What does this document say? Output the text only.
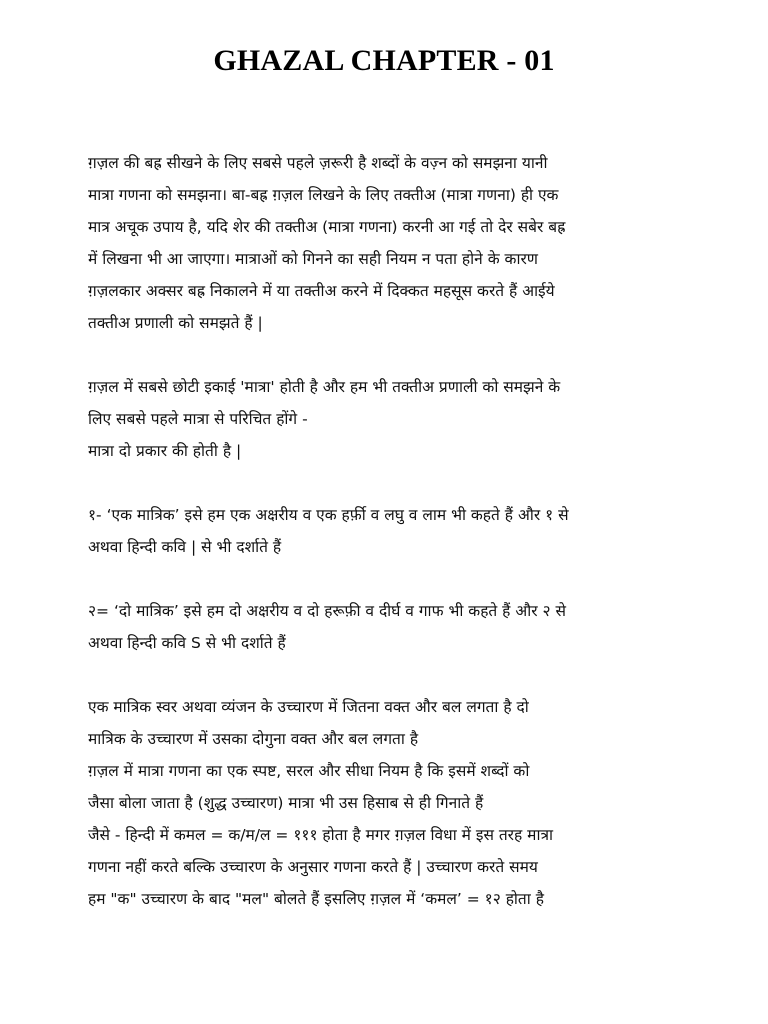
GHAZAL CHAPTER - 01

ग़ज़ल की बह्र सीखने के लिए सबसे पहले ज़रूरी है शब्दों के वज़्न को समझना यानी
मात्रा गणना को समझना। बा-बह्र ग़ज़ल लिखने के लिए तक्तीअ (मात्रा गणना) ही एक
मात्र अचूक उपाय है, यदि शेर की तक्तीअ (मात्रा गणना) करनी आ गई तो देर सबेर बह्र
में लिखना भी आ जाएगा। मात्राओं को गिनने का सही नियम न पता होने के कारण
ग़ज़लकार अक्सर बह्र निकालने में या तक्तीअ करने में दिक्कत महसूस करते हैं आईये
तक्तीअ प्रणाली को समझते हैं |

ग़ज़ल में सबसे छोटी इकाई 'मात्रा' होती है और हम भी तक्तीअ प्रणाली को समझने के
लिए सबसे पहले मात्रा से परिचित होंगे -
मात्रा दो प्रकार की होती है |

१- ‘एक मात्रिक’ इसे हम एक अक्षरीय व एक हर्फ़ी व लघु व लाम भी कहते हैं और १ से
अथवा हिन्दी कवि | से भी दर्शाते हैं

२= ‘दो मात्रिक’ इसे हम दो अक्षरीय व दो हरूफ़ी व दीर्घ व गाफ भी कहते हैं और २ से
अथवा हिन्दी कवि S से भी दर्शाते हैं

एक मात्रिक स्वर अथवा व्यंजन के उच्चारण में जितना वक्त और बल लगता है दो
मात्रिक के उच्चारण में उसका दोगुना वक्त और बल लगता है
ग़ज़ल में मात्रा गणना का एक स्पष्ट, सरल और सीधा नियम है कि इसमें शब्दों को
जैसा बोला जाता है (शुद्ध उच्चारण) मात्रा भी उस हिसाब से ही गिनाते हैं
जैसे - हिन्दी में कमल = क/म/ल = १११ होता है मगर ग़ज़ल विधा में इस तरह मात्रा
गणना नहीं करते बल्कि उच्चारण के अनुसार गणना करते हैं | उच्चारण करते समय
हम "क" उच्चारण के बाद "मल" बोलते हैं इसलिए ग़ज़ल में ‘कमल’ = १२ होता है
